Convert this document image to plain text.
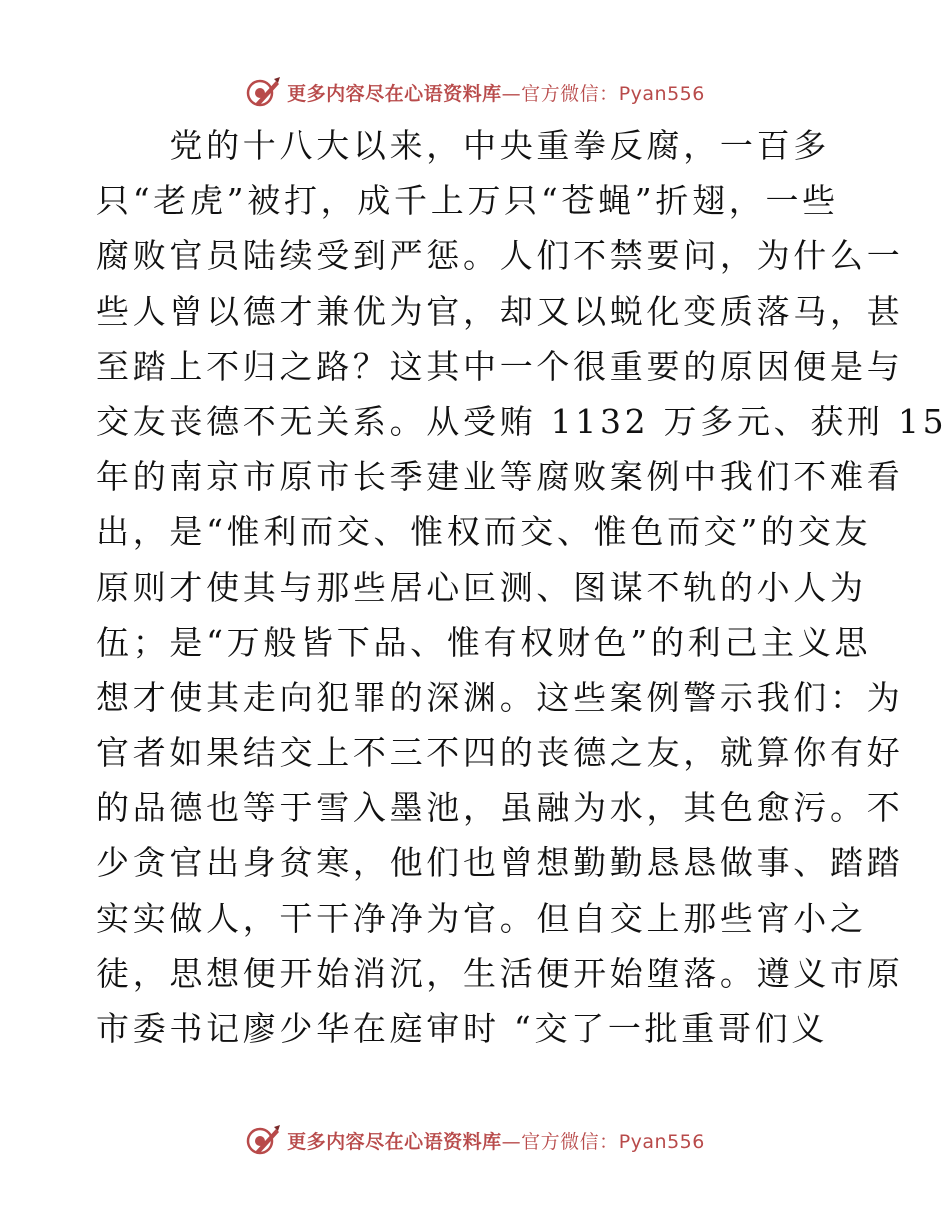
更多内容尽在心语资料库—官方微信：Pyan556
　　党的十八大以来，中央重拳反腐，一百多
只“老虎”被打，成千上万只“苍蝇”折翅，一些
腐败官员陆续受到严惩。人们不禁要问，为什么一
些人曾以德才兼优为官，却又以蜕化变质落马，甚
至踏上不归之路？这其中一个很重要的原因便是与
交友丧德不无关系。从受贿 1132 万多元、获刑 15
年的南京市原市长季建业等腐败案例中我们不难看
出，是“惟利而交、惟权而交、惟色而交”的交友
原则才使其与那些居心叵测、图谋不轨的小人为
伍；是“万般皆下品、惟有权财色”的利己主义思
想才使其走向犯罪的深渊。这些案例警示我们：为
官者如果结交上不三不四的丧德之友，就算你有好
的品德也等于雪入墨池，虽融为水，其色愈污。不
少贪官出身贫寒，他们也曾想勤勤恳恳做事、踏踏
实实做人，干干净净为官。但自交上那些宵小之
徒，思想便开始消沉，生活便开始堕落。遵义市原
市委书记廖少华在庭审时 “交了一批重哥们义
更多内容尽在心语资料库—官方微信：Pyan556
